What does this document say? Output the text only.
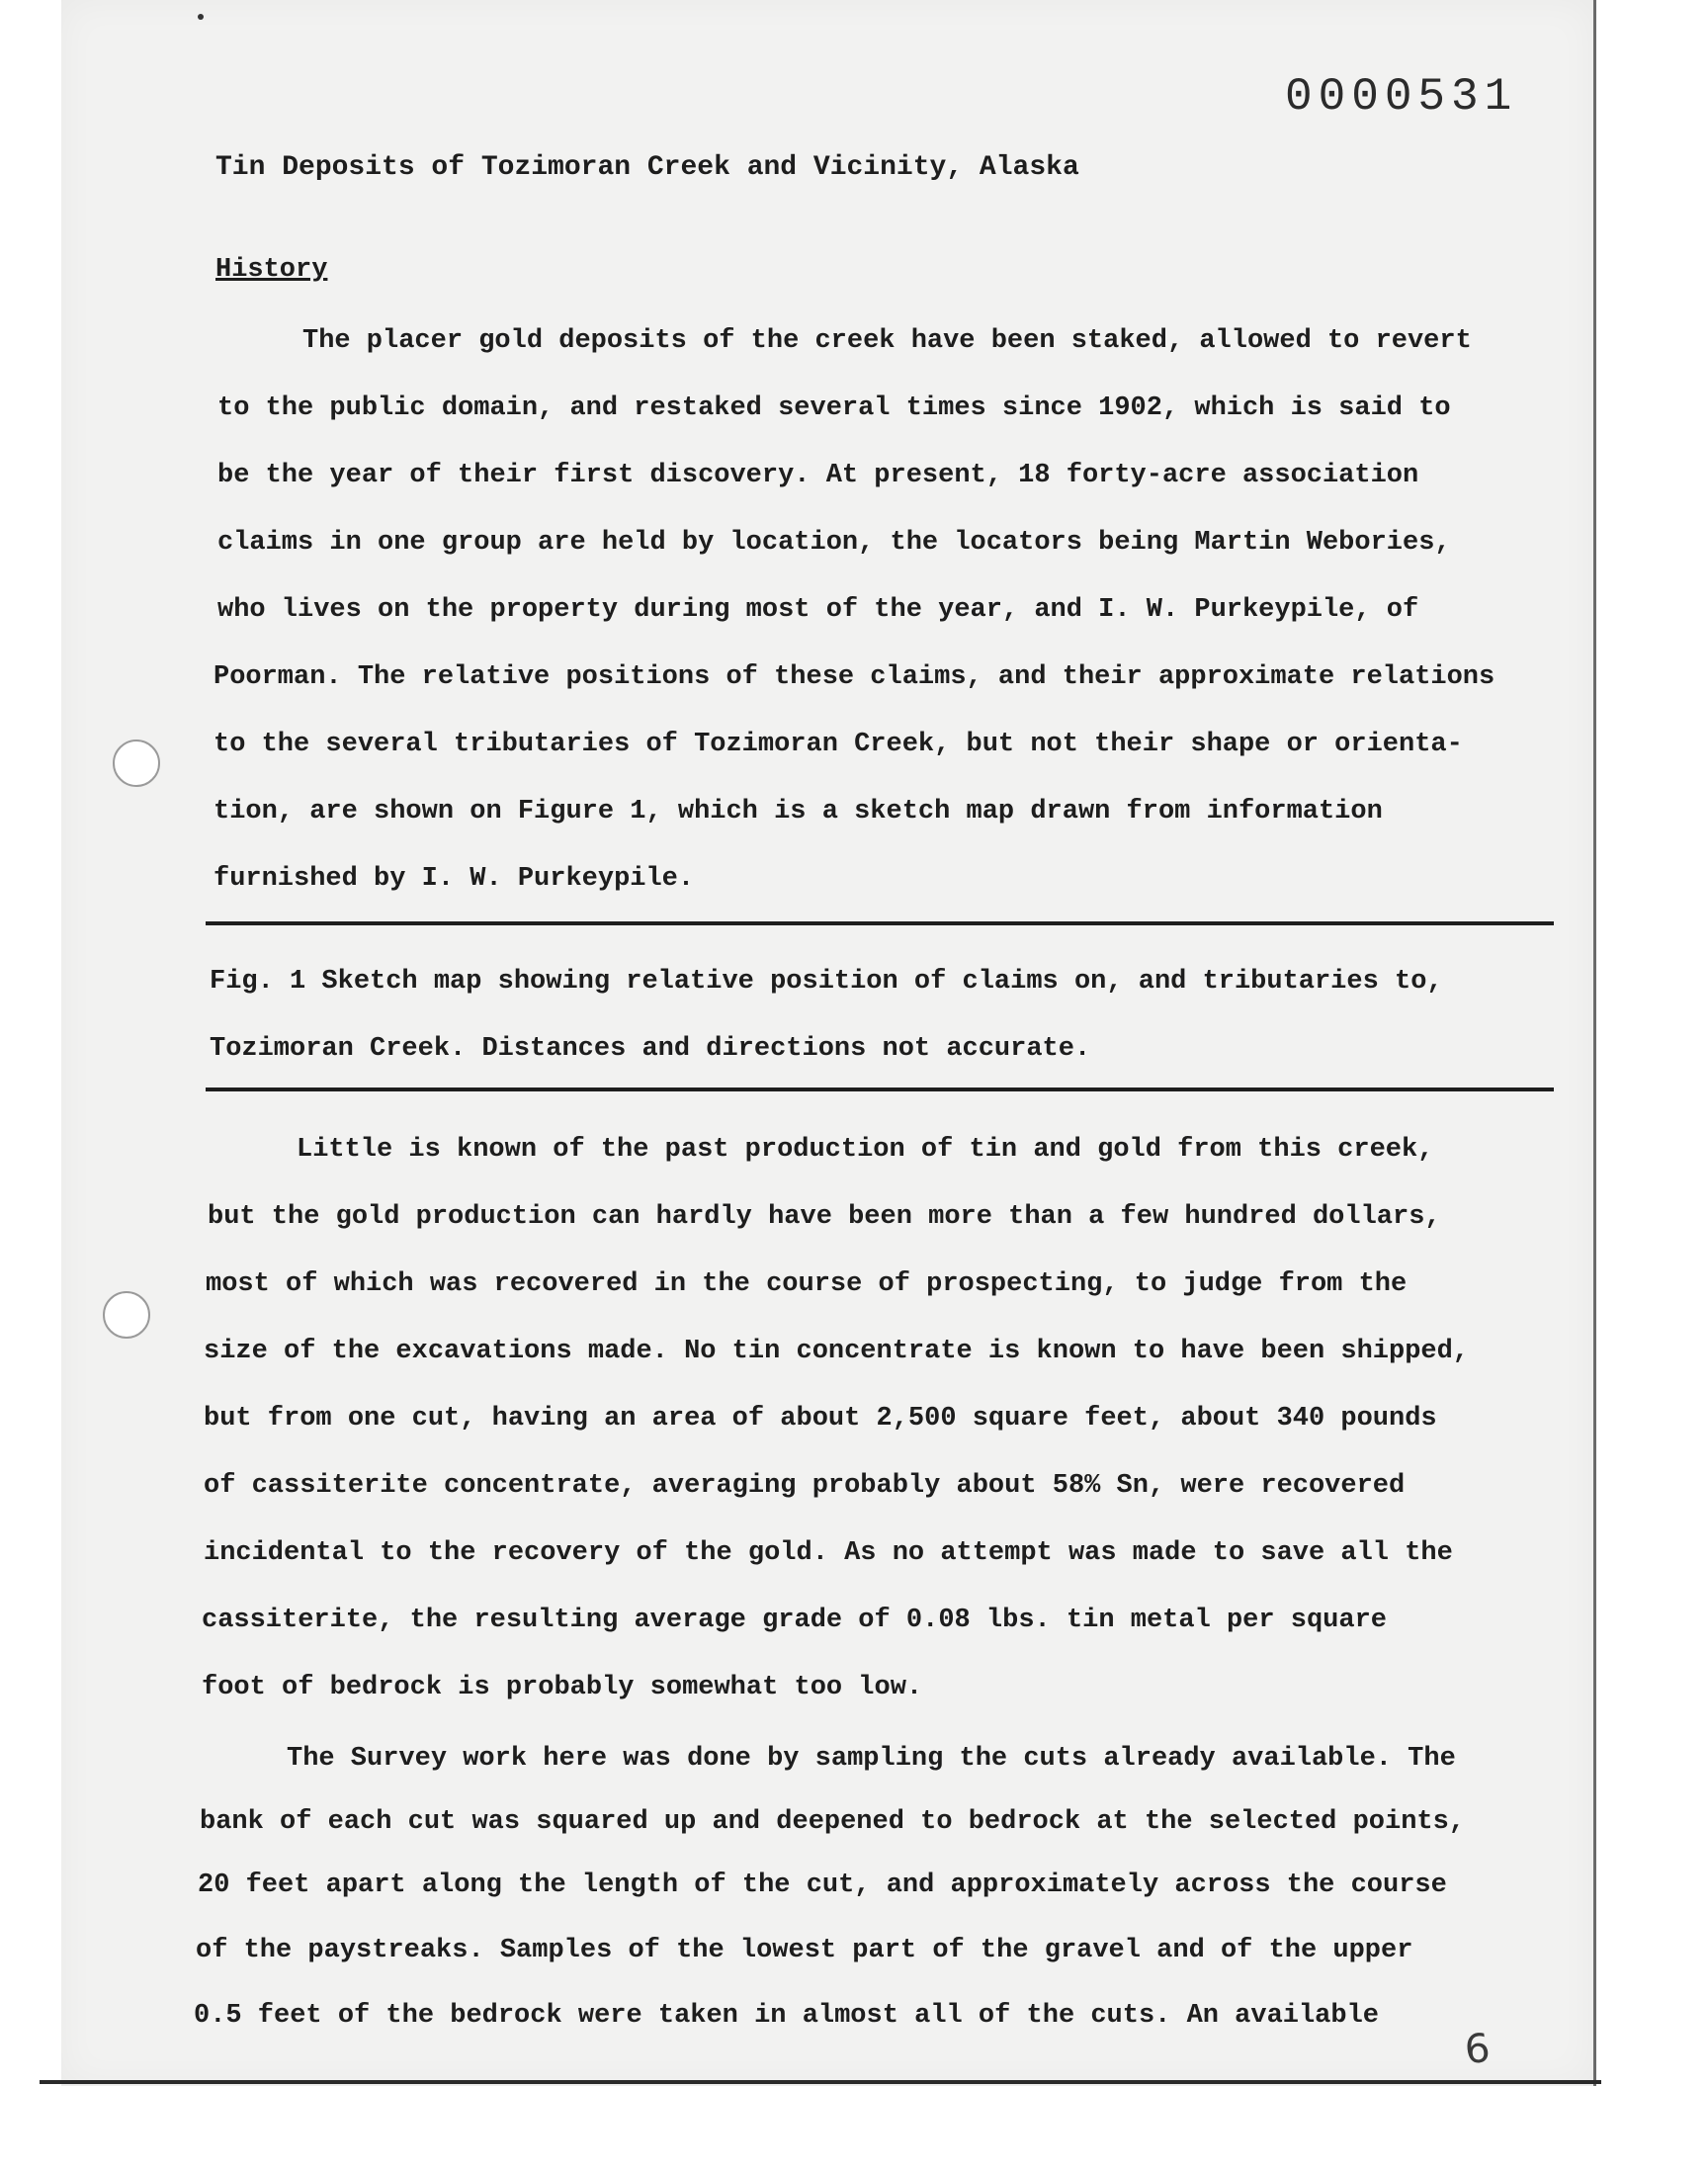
0000531
Tin Deposits of Tozimoran Creek and Vicinity, Alaska
History
The placer gold deposits of the creek have been staked, allowed to revert
to the public domain, and restaked several times since 1902, which is said to
be the year of their first discovery. At present, 18 forty-acre association
claims in one group are held by location, the locators being Martin Webories,
who lives on the property during most of the year, and I. W. Purkeypile, of
Poorman. The relative positions of these claims, and their approximate relations
to the several tributaries of Tozimoran Creek, but not their shape or orienta-
tion, are shown on Figure 1, which is a sketch map drawn from information
furnished by I. W. Purkeypile.
Fig. 1 Sketch map showing relative position of claims on, and tributaries to,
Tozimoran Creek. Distances and directions not accurate.
Little is known of the past production of tin and gold from this creek,
but the gold production can hardly have been more than a few hundred dollars,
most of which was recovered in the course of prospecting, to judge from the
size of the excavations made. No tin concentrate is known to have been shipped,
but from one cut, having an area of about 2,500 square feet, about 340 pounds
of cassiterite concentrate, averaging probably about 58% Sn, were recovered
incidental to the recovery of the gold. As no attempt was made to save all the
cassiterite, the resulting average grade of 0.08 lbs. tin metal per square
foot of bedrock is probably somewhat too low.
The Survey work here was done by sampling the cuts already available. The
bank of each cut was squared up and deepened to bedrock at the selected points,
20 feet apart along the length of the cut, and approximately across the course
of the paystreaks. Samples of the lowest part of the gravel and of the upper
0.5 feet of the bedrock were taken in almost all of the cuts. An available
6
